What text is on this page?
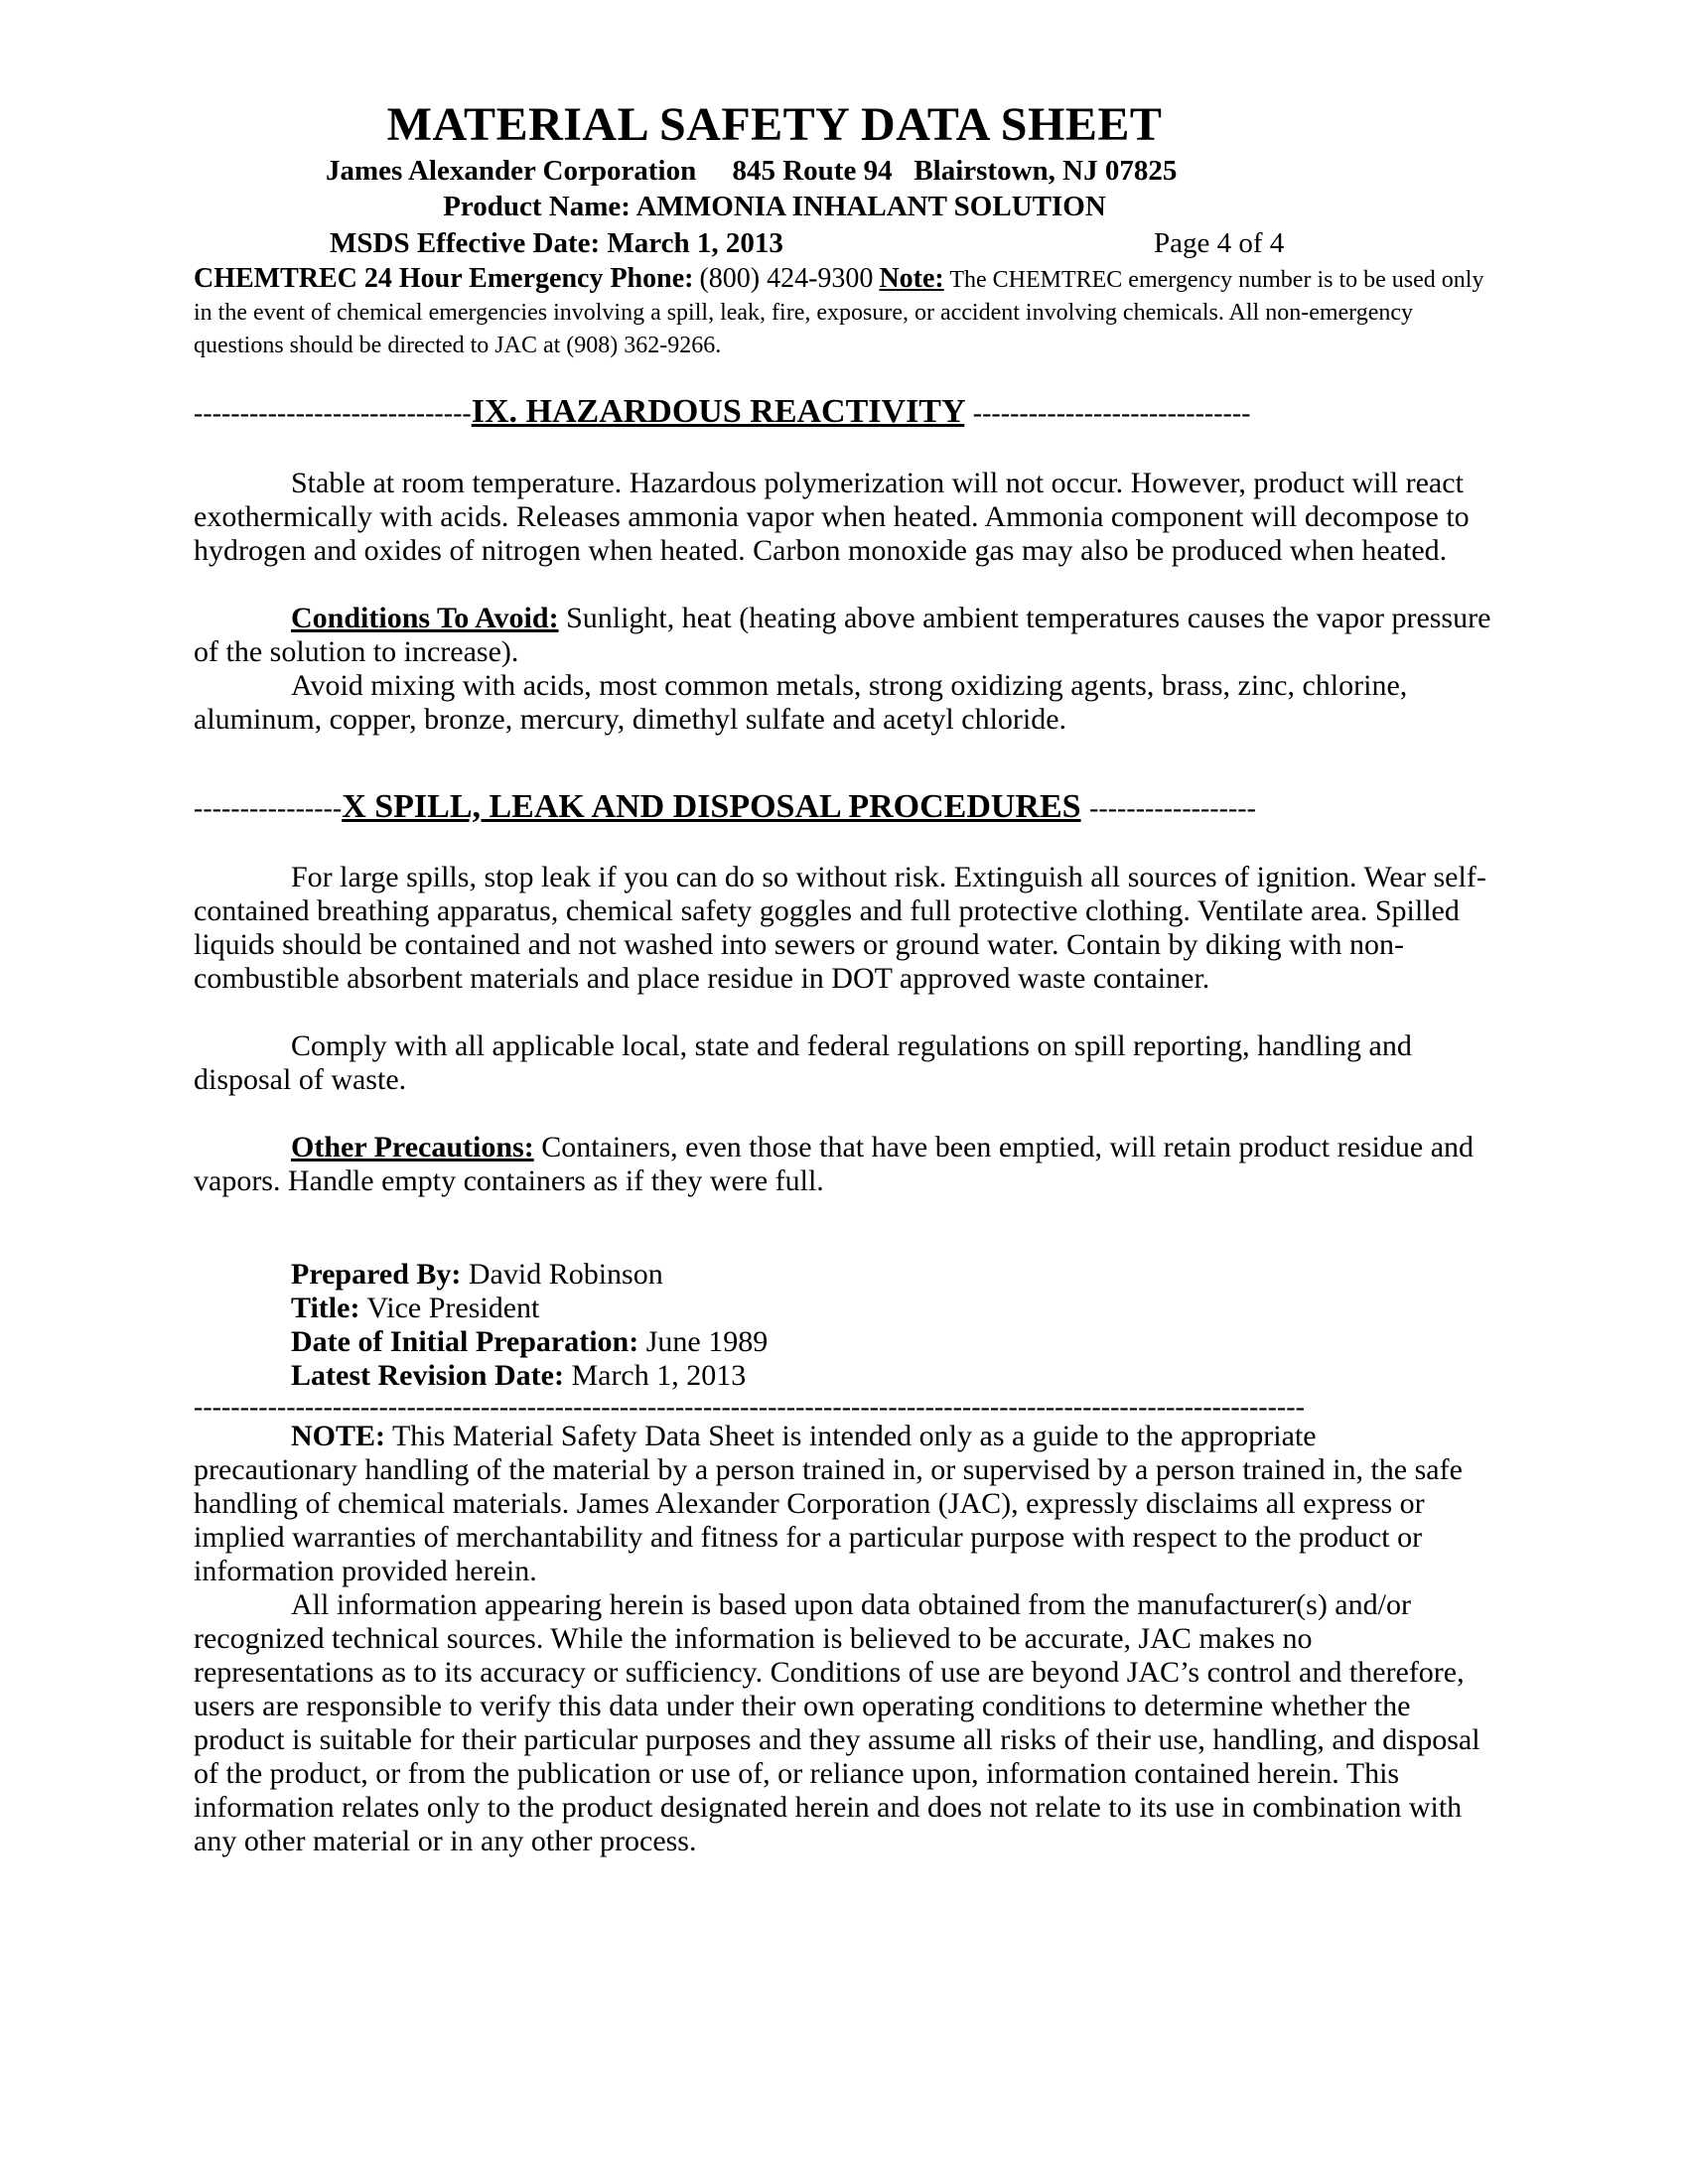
MATERIAL SAFETY DATA SHEET
James Alexander Corporation     845 Route 94   Blairstown, NJ 07825
Product Name: AMMONIA INHALANT SOLUTION
MSDS Effective Date: March 1, 2013	Page 4 of 4
CHEMTREC 24 Hour Emergency Phone: (800) 424-9300 Note: The CHEMTREC emergency number is to be used only in the event of chemical emergencies involving a spill, leak, fire, exposure, or accident involving chemicals. All non-emergency questions should be directed to JAC at (908) 362-9266.
------------------------------IX. HAZARDOUS REACTIVITY ------------------------------

Stable at room temperature. Hazardous polymerization will not occur. However, product will react exothermically with acids. Releases ammonia vapor when heated. Ammonia component will decompose to hydrogen and oxides of nitrogen when heated. Carbon monoxide gas may also be produced when heated.

Conditions To Avoid: Sunlight, heat (heating above ambient temperatures causes the vapor pressure of the solution to increase).

Avoid mixing with acids, most common metals, strong oxidizing agents, brass, zinc, chlorine, aluminum, copper, bronze, mercury, dimethyl sulfate and acetyl chloride.

----------------X SPILL, LEAK AND DISPOSAL PROCEDURES ------------------

For large spills, stop leak if you can do so without risk. Extinguish all sources of ignition. Wear self-contained breathing apparatus, chemical safety goggles and full protective clothing. Ventilate area. Spilled liquids should be contained and not washed into sewers or ground water. Contain by diking with non-combustible absorbent materials and place residue in DOT approved waste container.

Comply with all applicable local, state and federal regulations on spill reporting, handling and disposal of waste.

Other Precautions: Containers, even those that have been emptied, will retain product residue and vapors. Handle empty containers as if they were full.

Prepared By: David Robinson

Title: Vice President

Date of Initial Preparation: June 1989

Latest Revision Date: March 1, 2013

------------------------------------------------------------------------------------------------------------------------

NOTE: This Material Safety Data Sheet is intended only as a guide to the appropriate precautionary handling of the material by a person trained in, or supervised by a person trained in, the safe handling of chemical materials. James Alexander Corporation (JAC), expressly disclaims all express or implied warranties of merchantability and fitness for a particular purpose with respect to the product or information provided herein.

All information appearing herein is based upon data obtained from the manufacturer(s) and/or recognized technical sources. While the information is believed to be accurate, JAC makes no representations as to its accuracy or sufficiency. Conditions of use are beyond JAC’s control and therefore, users are responsible to verify this data under their own operating conditions to determine whether the product is suitable for their particular purposes and they assume all risks of their use, handling, and disposal of the product, or from the publication or use of, or reliance upon, information contained herein. This information relates only to the product designated herein and does not relate to its use in combination with any other material or in any other process.
